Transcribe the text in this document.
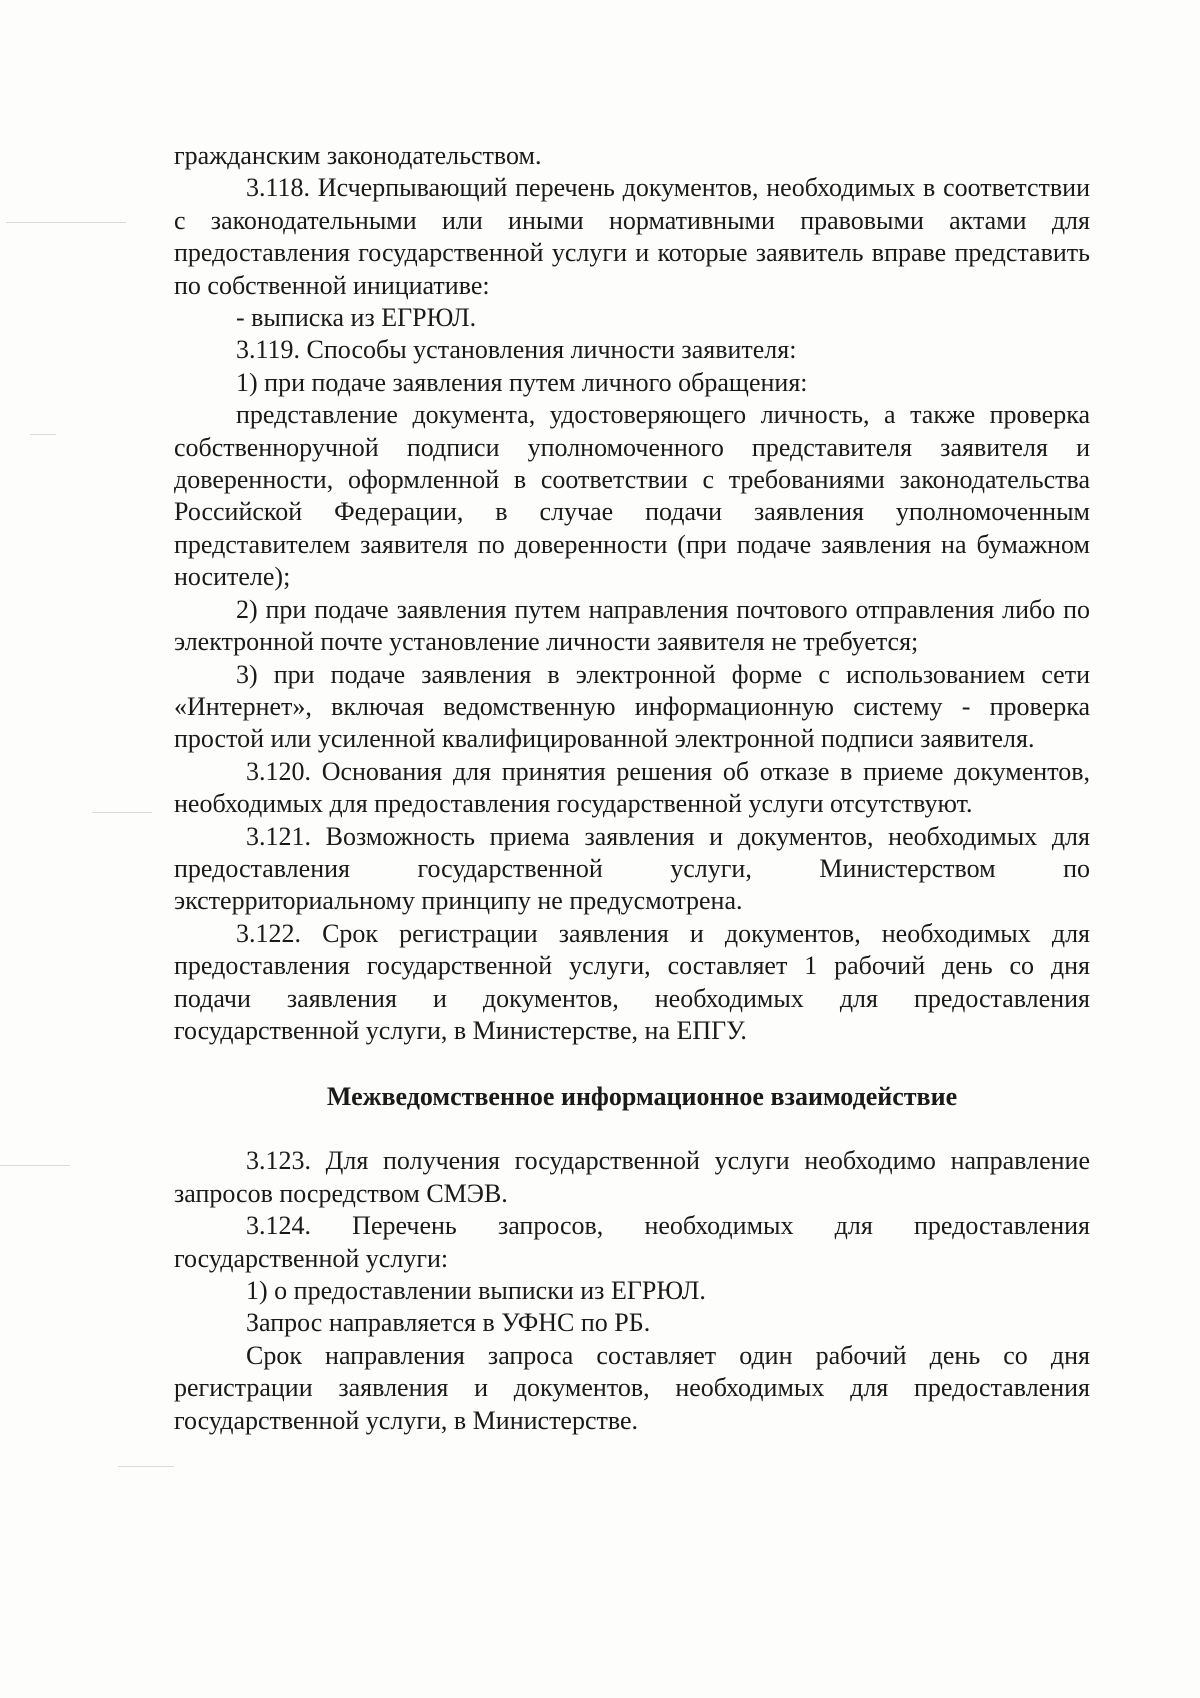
гражданским законодательством.

3.118. Исчерпывающий перечень документов, необходимых в соответствии с законодательными или иными нормативными правовыми актами для предоставления государственной услуги и которые заявитель вправе представить по собственной инициативе:

- выписка из ЕГРЮЛ.

3.119. Способы установления личности заявителя:

1) при подаче заявления путем личного обращения:

представление документа, удостоверяющего личность, а также проверка собственноручной подписи уполномоченного представителя заявителя и доверенности, оформленной в соответствии с требованиями законодательства Российской Федерации, в случае подачи заявления уполномоченным представителем заявителя по доверенности (при подаче заявления на бумажном носителе);

2) при подаче заявления путем направления почтового отправления либо по электронной почте установление личности заявителя не требуется;

3) при подаче заявления в электронной форме с использованием сети «Интернет», включая ведомственную информационную систему - проверка простой или усиленной квалифицированной электронной подписи заявителя.

3.120. Основания для принятия решения об отказе в приеме документов, необходимых для предоставления государственной услуги отсутствуют.

3.121. Возможность приема заявления и документов, необходимых для предоставления государственной услуги, Министерством по экстерриториальному принципу не предусмотрена.

3.122. Срок регистрации заявления и документов, необходимых для предоставления государственной услуги, составляет 1 рабочий день со дня подачи заявления и документов, необходимых для предоставления государственной услуги, в Министерстве, на ЕПГУ.

Межведомственное информационное взаимодействие

3.123. Для получения государственной услуги необходимо направление запросов посредством СМЭВ.

3.124. Перечень запросов, необходимых для предоставления государственной услуги:

1) о предоставлении выписки из ЕГРЮЛ.

Запрос направляется в УФНС по РБ.

Срок направления запроса составляет один рабочий день со дня регистрации заявления и документов, необходимых для предоставления государственной услуги, в Министерстве.
